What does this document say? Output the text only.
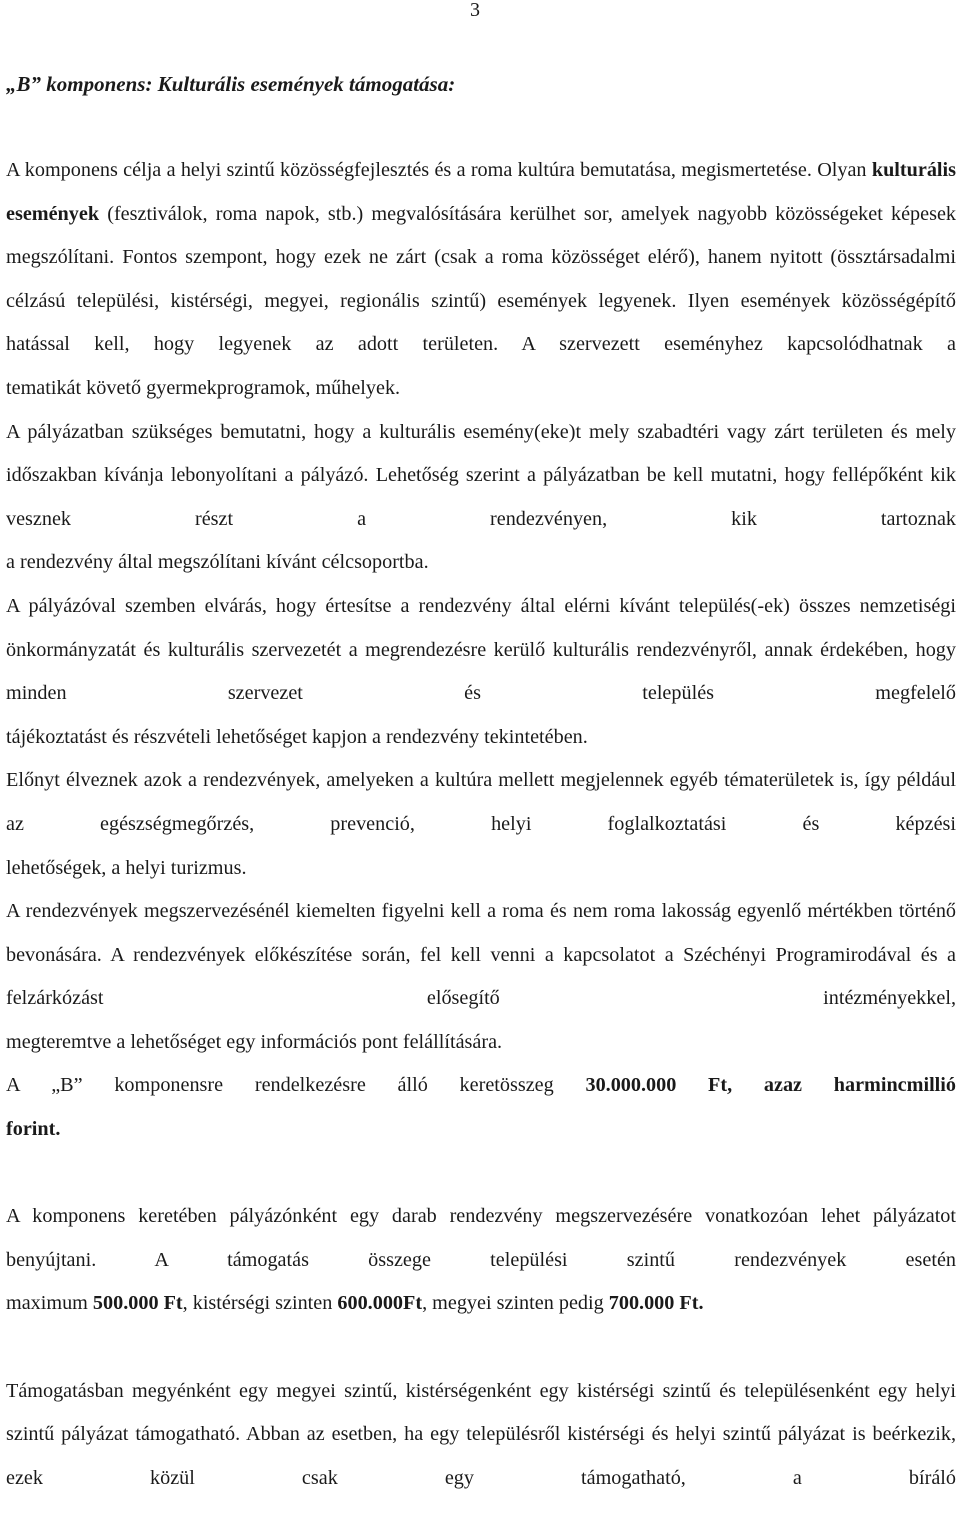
3
„B” komponens: Kulturális események támogatása:

A komponens célja a helyi szintű közösségfejlesztés és a roma kultúra bemutatása, megismertetése. Olyan kulturális események (fesztiválok, roma napok, stb.) megvalósítására kerülhet sor, amelyek nagyobb közösségeket képesek megszólítani. Fontos szempont, hogy ezek ne zárt (csak a roma közösséget elérő), hanem nyitott (össztársadalmi célzású települési, kistérségi, megyei, regionális szintű) események legyenek. Ilyen események közösségépítő hatással kell, hogy legyenek az adott területen. A szervezett eseményhez kapcsolódhatnak a
tematikát követő gyermekprogramok, műhelyek.

A pályázatban szükséges bemutatni, hogy a kulturális esemény(eke)t mely szabadtéri vagy zárt területen és mely időszakban kívánja lebonyolítani a pályázó. Lehetőség szerint a pályázatban be kell mutatni, hogy fellépőként kik vesznek részt a rendezvényen, kik tartoznak
a rendezvény által megszólítani kívánt célcsoportba.

A pályázóval szemben elvárás, hogy értesítse a rendezvény által elérni kívánt település(-ek) összes nemzetiségi önkormányzatát és kulturális szervezetét a megrendezésre kerülő kulturális rendezvényről, annak érdekében, hogy minden szervezet és település megfelelő
tájékoztatást és részvételi lehetőséget kapjon a rendezvény tekintetében.

Előnyt élveznek azok a rendezvények, amelyeken a kultúra mellett megjelennek egyéb tématerületek is, így például az egészségmegőrzés, prevenció, helyi foglalkoztatási és képzési
lehetőségek, a helyi turizmus.

A rendezvények megszervezésénél kiemelten figyelni kell a roma és nem roma lakosság egyenlő mértékben történő bevonására. A rendezvények előkészítése során, fel kell venni a kapcsolatot a Széchényi Programirodával és a felzárkózást elősegítő intézményekkel,
megteremtve a lehetőséget egy információs pont felállítására.

A „B” komponensre rendelkezésre álló keretösszeg 30.000.000 Ft, azaz harmincmillió
forint.

A komponens keretében pályázónként egy darab rendezvény megszervezésére vonatkozóan lehet pályázatot benyújtani. A támogatás összege települési szintű rendezvények esetén
maximum 500.000 Ft, kistérségi szinten 600.000Ft, megyei szinten pedig 700.000 Ft.

Támogatásban megyénként egy megyei szintű, kistérségenként egy kistérségi szintű és településenként egy helyi szintű pályázat támogatható. Abban az esetben, ha egy településről kistérségi és helyi szintű pályázat is beérkezik, ezek közül csak egy támogatható, a bíráló
